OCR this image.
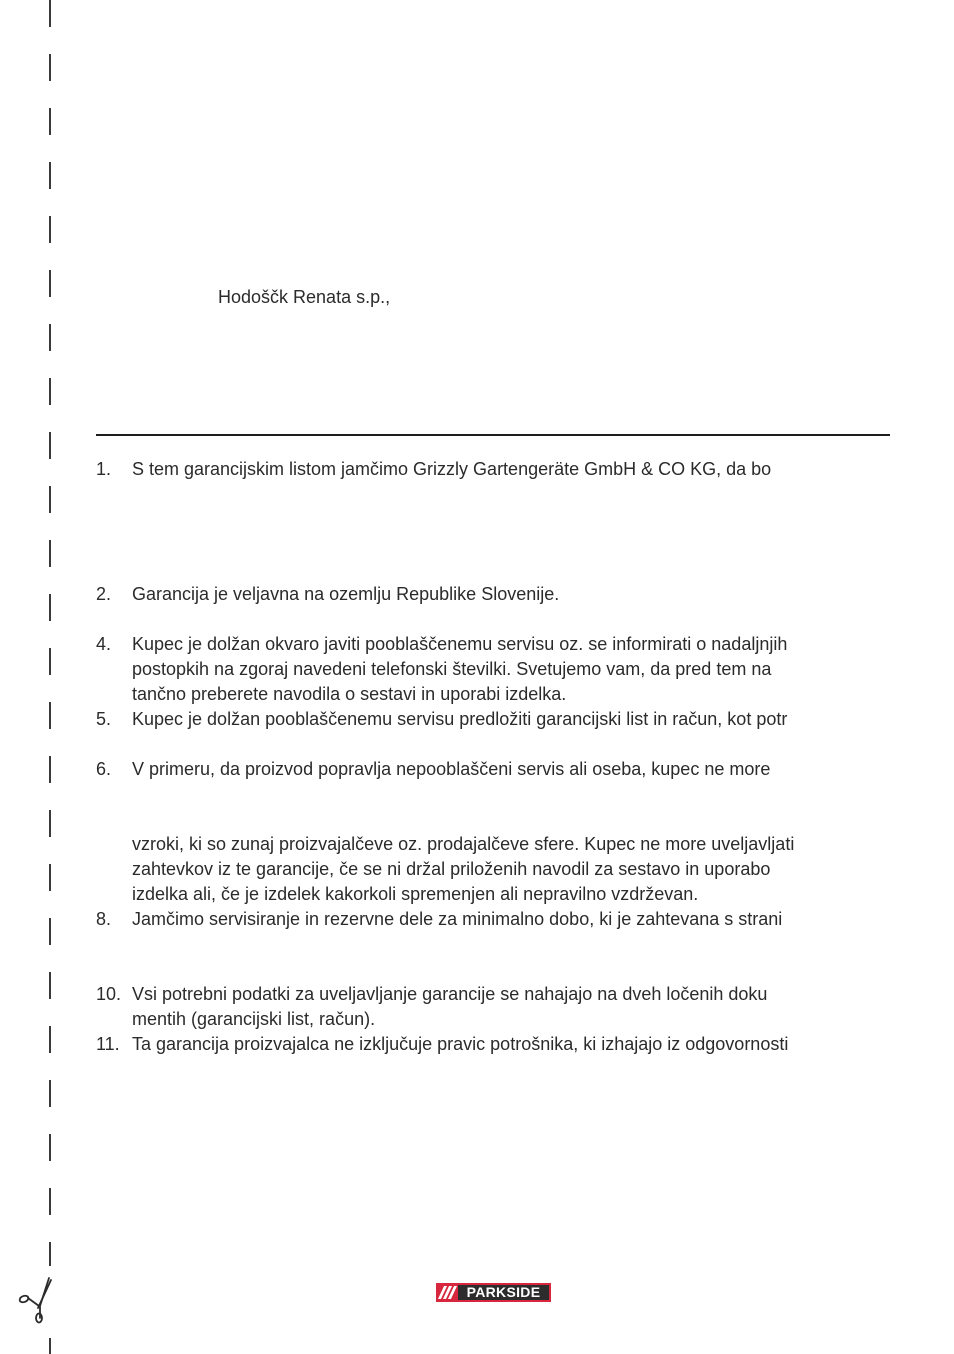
Hodoščk Renata s.p.,
1. S tem garancijskim listom jamčimo Grizzly Gartengeräte GmbH & CO KG, da bo
2. Garancija je veljavna na ozemlju Republike Slovenije.
4. Kupec je dolžan okvaro javiti pooblaščenemu servisu oz. se informirati o nadaljnjih
postopkih na zgoraj navedeni telefonski številki. Svetujemo vam, da pred tem na
tančno preberete navodila o sestavi in uporabi izdelka.
5. Kupec je dolžan pooblaščenemu servisu predložiti garancijski list in račun, kot potr
6. V primeru, da proizvod popravlja nepooblaščeni servis ali oseba, kupec ne more
vzroki, ki so zunaj proizvajalčeve oz. prodajalčeve sfere. Kupec ne more uveljavljati
zahtevkov iz te garancije, če se ni držal priloženih navodil za sestavo in uporabo
izdelka ali, če je izdelek kakorkoli spremenjen ali nepravilno vzdrževan.
8. Jamčimo servisiranje in rezervne dele za minimalno dobo, ki je zahtevana s strani
10. Vsi potrebni podatki za uveljavljanje garancije se nahajajo na dveh ločenih doku
mentih (garancijski list, račun).
11. Ta garancija proizvajalca ne izključuje pravic potrošnika, ki izhajajo iz odgovornosti
PARKSIDE
